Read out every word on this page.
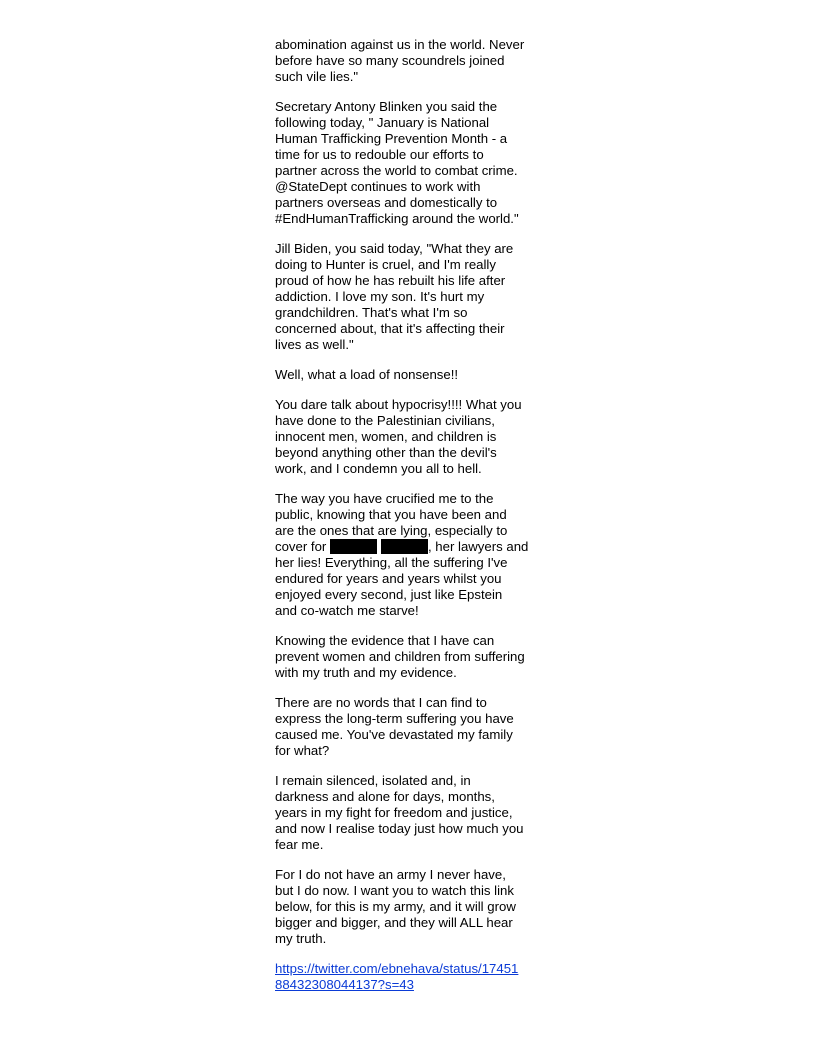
abomination against us in the world. Never
before have so many scoundrels joined
such vile lies."

Secretary Antony Blinken you said the
following today, " January is National
Human Trafficking Prevention Month - a
time for us to redouble our efforts to
partner across the world to combat crime.
@StateDept continues to work with
partners overseas and domestically to
#EndHumanTrafficking around the world."

Jill Biden, you said today, "What they are
doing to Hunter is cruel, and I'm really
proud of how he has rebuilt his life after
addiction. I love my son. It's hurt my
grandchildren. That's what I'm so
concerned about, that it's affecting their
lives as well."

Well, what a load of nonsense!!

You dare talk about hypocrisy!!!! What you
have done to the Palestinian civilians,
innocent men, women, and children is
beyond anything other than the devil's
work, and I condemn you all to hell.

The way you have crucified me to the
public, knowing that you have been and
are the ones that are lying, especially to
cover for	, her lawyers and
her lies! Everything, all the suffering I've
endured for years and years whilst you
enjoyed every second, just like Epstein
and co-watch me starve!

Knowing the evidence that I have can
prevent women and children from suffering
with my truth and my evidence.

There are no words that I can find to
express the long-term suffering you have
caused me. You've devastated my family
for what?

I remain silenced, isolated and, in
darkness and alone for days, months,
years in my fight for freedom and justice,
and now I realise today just how much you
fear me.

For I do not have an army I never have,
but I do now. I want you to watch this link
below, for this is my army, and it will grow
bigger and bigger, and they will ALL hear
my truth.

https://twitter.com/ebnehava/status/17451
88432308044137?s=43
